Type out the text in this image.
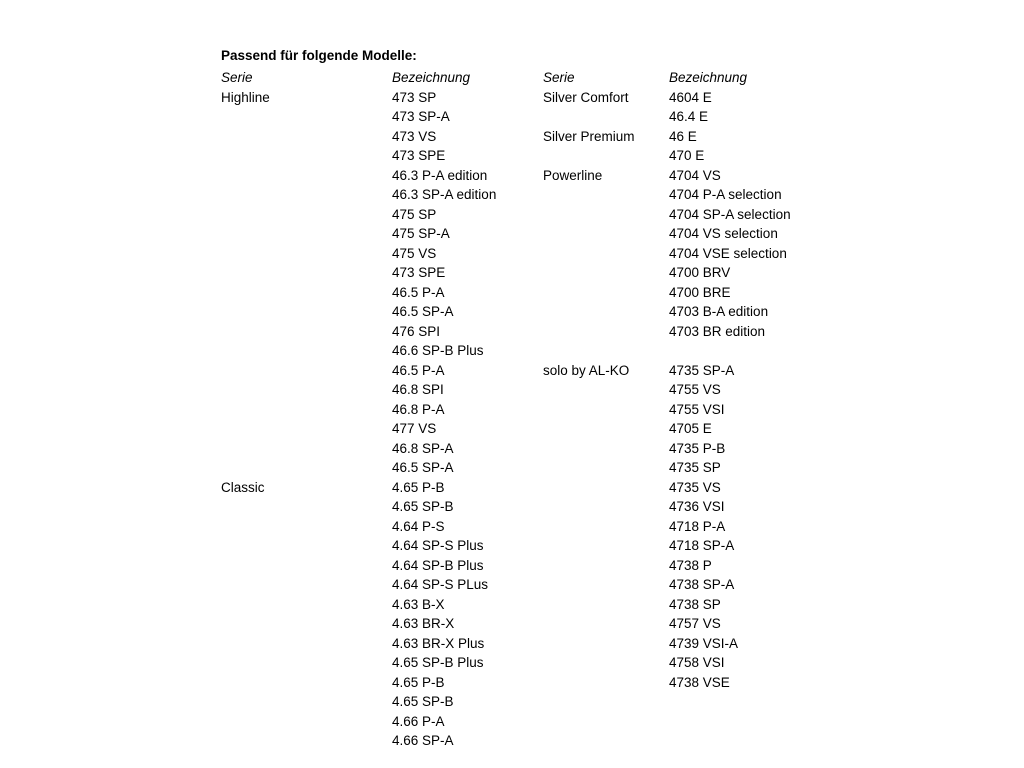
Passend für folgende Modelle:
Serie
Highline
Classic
Bezeichnung
473 SP
473 SP-A
473 VS
473 SPE
46.3 P-A edition
46.3 SP-A edition
475 SP
475 SP-A
475 VS
473 SPE
46.5 P-A
46.5 SP-A
476 SPI
46.6 SP-B Plus
46.5 P-A
46.8 SPI
46.8 P-A
477 VS
46.8 SP-A
46.5 SP-A
4.65 P-B
4.65 SP-B
4.64 P-S
4.64 SP-S Plus
4.64 SP-B Plus
4.64 SP-S PLus
4.63 B-X
4.63 BR-X
4.63 BR-X Plus
4.65 SP-B Plus
4.65 P-B
4.65 SP-B
4.66 P-A
4.66 SP-A
Serie
Silver Comfort
Silver Premium
Powerline
solo by AL-KO
Bezeichnung
4604 E
46.4 E
46 E
470 E
4704 VS
4704 P-A selection
4704 SP-A selection
4704 VS selection
4704 VSE selection
4700 BRV
4700 BRE
4703 B-A edition
4703 BR edition
4735 SP-A
4755 VS
4755 VSI
4705 E
4735 P-B
4735 SP
4735 VS
4736 VSI
4718 P-A
4718 SP-A
4738 P
4738 SP-A
4738 SP
4757 VS
4739 VSI-A
4758 VSI
4738 VSE
